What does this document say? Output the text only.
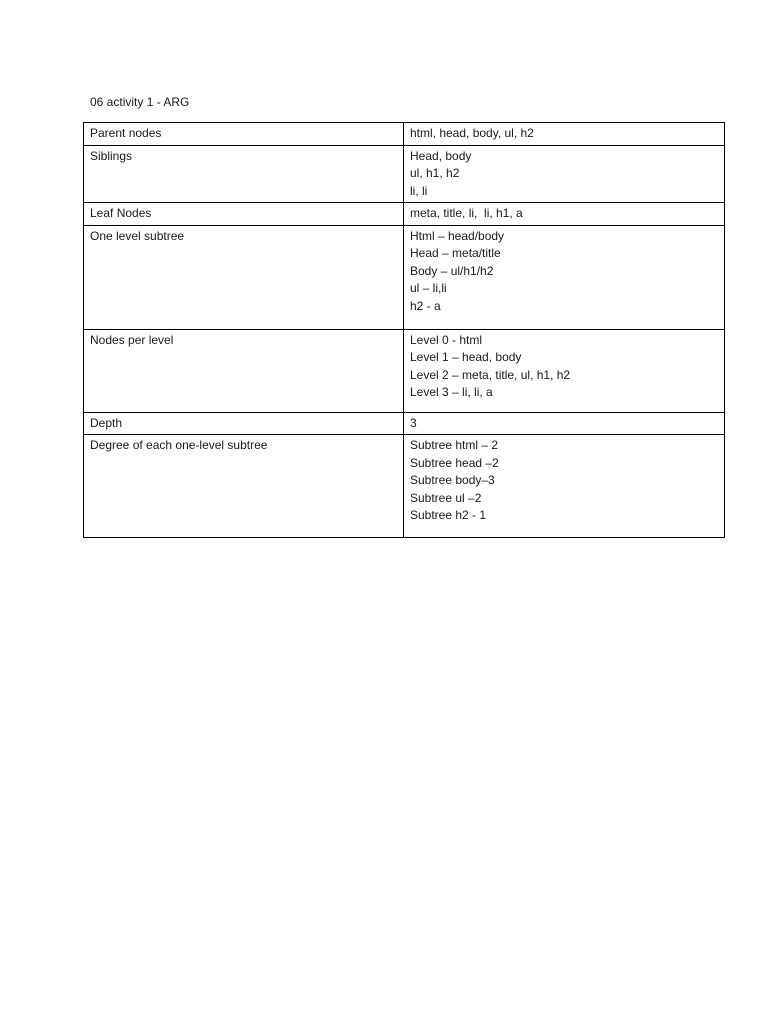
06 activity 1 - ARG

Parent nodes	html, head, body, ul, h2

Siblings	Head, body
ul, h1, h2
li, li

Leaf Nodes	meta, title, li,  li, h1, a

One level subtree	Html – head/body
Head – meta/title
Body – ul/h1/h2
ul – li,li
h2 - a

Nodes per level	Level 0 - html
Level 1 – head, body
Level 2 – meta, title, ul, h1, h2
Level 3 – li, li, a

Depth	3

Degree of each one-level subtree	Subtree html – 2
Subtree head –2
Subtree body–3
Subtree ul –2
Subtree h2 - 1
